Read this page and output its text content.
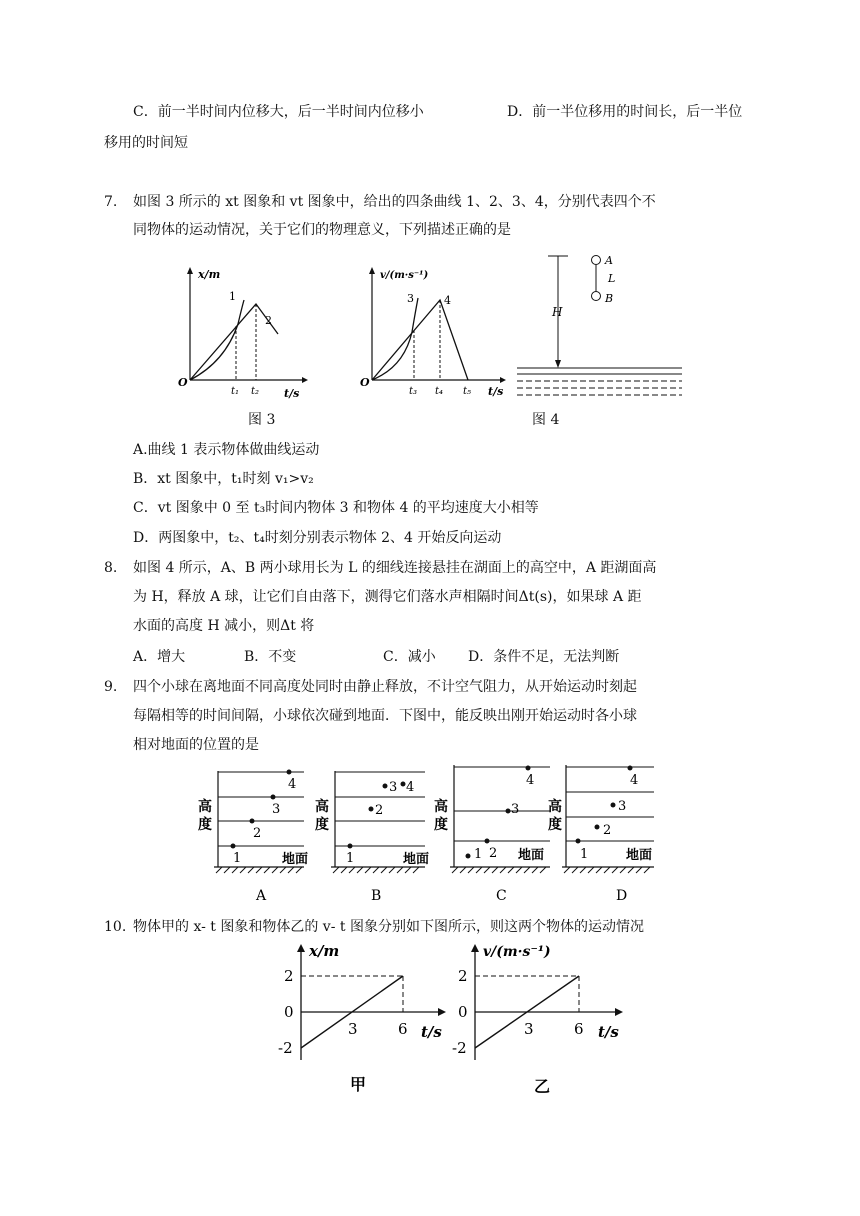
C．前一半时间内位移大，后一半时间内位移小	D．前一半位移用的时间长，后一半位
移用的时间短
7. 如图 3 所示的 xt 图象和 vt 图象中，给出的四条曲线 1、2、3、4，分别代表四个不
同物体的运动情况，关于它们的物理意义，下列描述正确的是
x/m
t/s
O
1
2
t₁ t₂
v/(m·s⁻¹)
t/s
O
3	4
t₃ t₄ t₅
H
A
L
B
图 3	图 4
A.曲线 1 表示物体做曲线运动
B．xt 图象中，t₁时刻 v₁>v₂
C．vt 图象中 0 至 t₃时间内物体 3 和物体 4 的平均速度大小相等
D．两图象中，t₂、t₄时刻分别表示物体 2、4 开始反向运动
8. 如图 4 所示，A、B 两小球用长为 L 的细线连接悬挂在湖面上的高空中，A 距湖面高
为 H，释放 A 球，让它们自由落下，测得它们落水声相隔时间Δt(s)，如果球 A 距
水面的高度 H 减小，则Δt 将
A．增大	B．不变	C．减小 D．条件不足，无法判断
9. 四个小球在离地面不同高度处同时由静止释放，不计空气阻力，从开始运动时刻起
每隔相等的时间间隔，小球依次碰到地面．下图中，能反映出刚开始运动时各小球
相对地面的位置的是
高
度
地面
4
3
2
1
A
高
度
地面
3 4
2
1
B
高
度
地面
4
3
2
1
C
高
度
地面
4
3
2
1
D
10. 物体甲的 x- t 图象和物体乙的 v- t 图象分别如下图所示，则这两个物体的运动情况
x/m
t/s
2
0
-2
3	6
甲
v/(m·s⁻¹)
t/s
2
0
-2
3	6
乙
